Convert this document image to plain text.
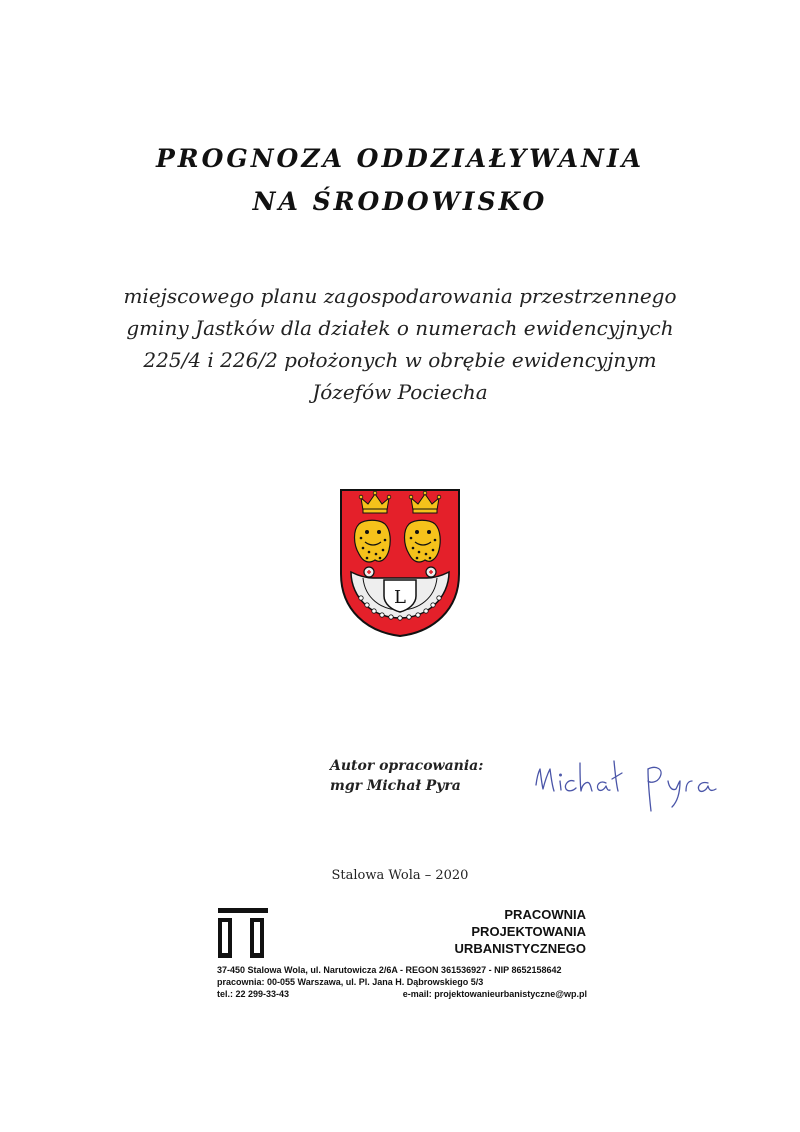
PROGNOZA ODDZIAŁYWANIA
NA ŚRODOWISKO
miejscowego planu zagospodarowania przestrzennego
gminy Jastków dla działek o numerach ewidencyjnych
225/4 i 226/2 położonych w obrębie ewidencyjnym
Józefów Pociecha
L
Autor opracowania:
mgr Michał Pyra
Stalowa Wola – 2020
PRACOWNIA
PROJEKTOWANIA
URBANISTYCZNEGO
37-450 Stalowa Wola, ul. Narutowicza 2/6A - REGON 361536927 - NIP 8652158642
pracownia: 00-055 Warszawa, ul. Pl. Jana H. Dąbrowskiego 5/3
tel.: 22 299-33-43	e-mail: projektowanieurbanistyczne@wp.pl
